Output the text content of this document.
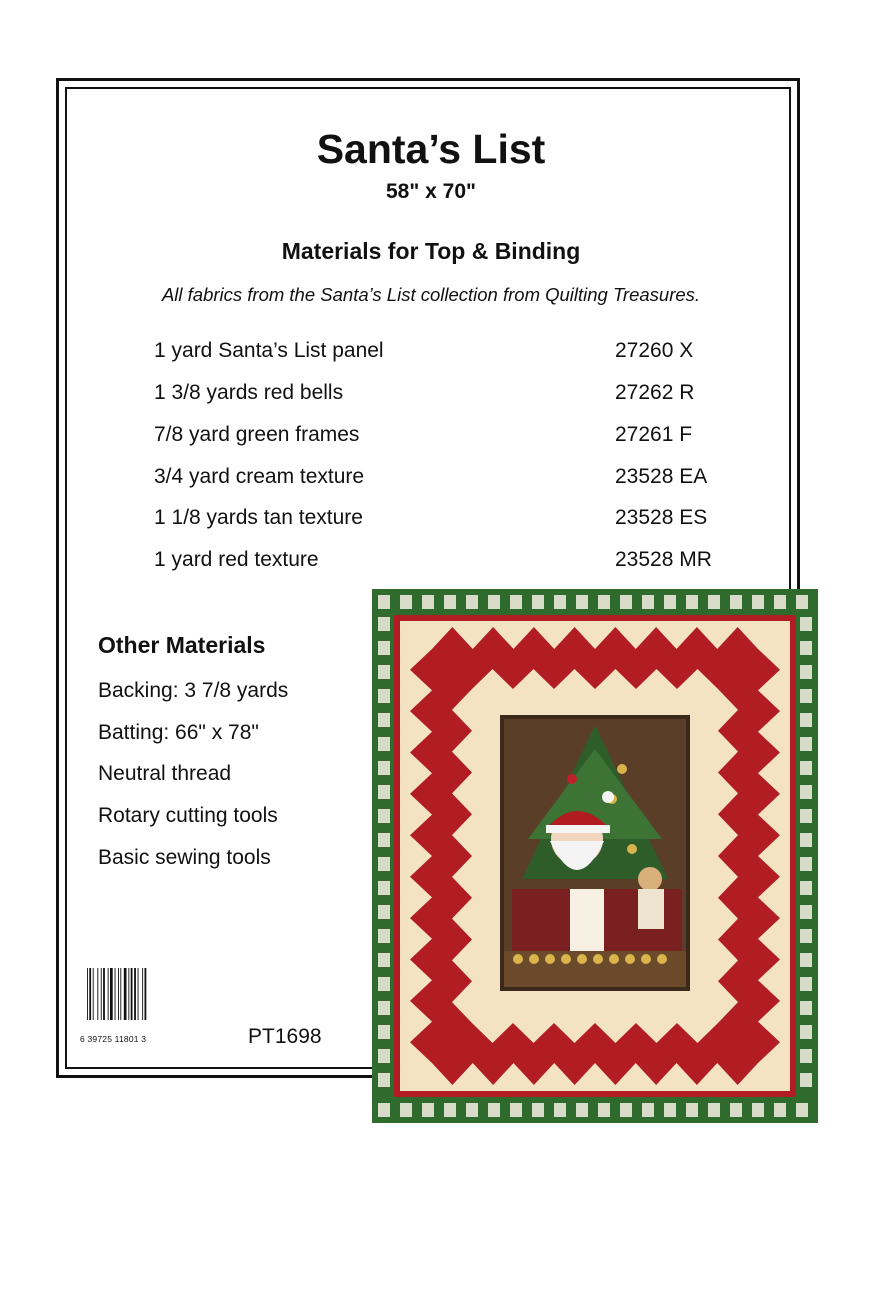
Santa’s List
58" x 70"
Materials for Top & Binding
All fabrics from the Santa’s List collection from Quilting Treasures.
1 yard Santa’s List panel	27260 X
1 3/8 yards red bells	27262 R
7/8 yard green frames	27261 F
3/4 yard cream texture	23528 EA
1 1/8 yards tan texture	23528 ES
1 yard red texture	23528 MR
Other Materials
Backing: 3 7/8 yards
Batting: 66" x 78"
Neutral thread
Rotary cutting tools
Basic sewing tools
6 39725 11801 3	PT1698
